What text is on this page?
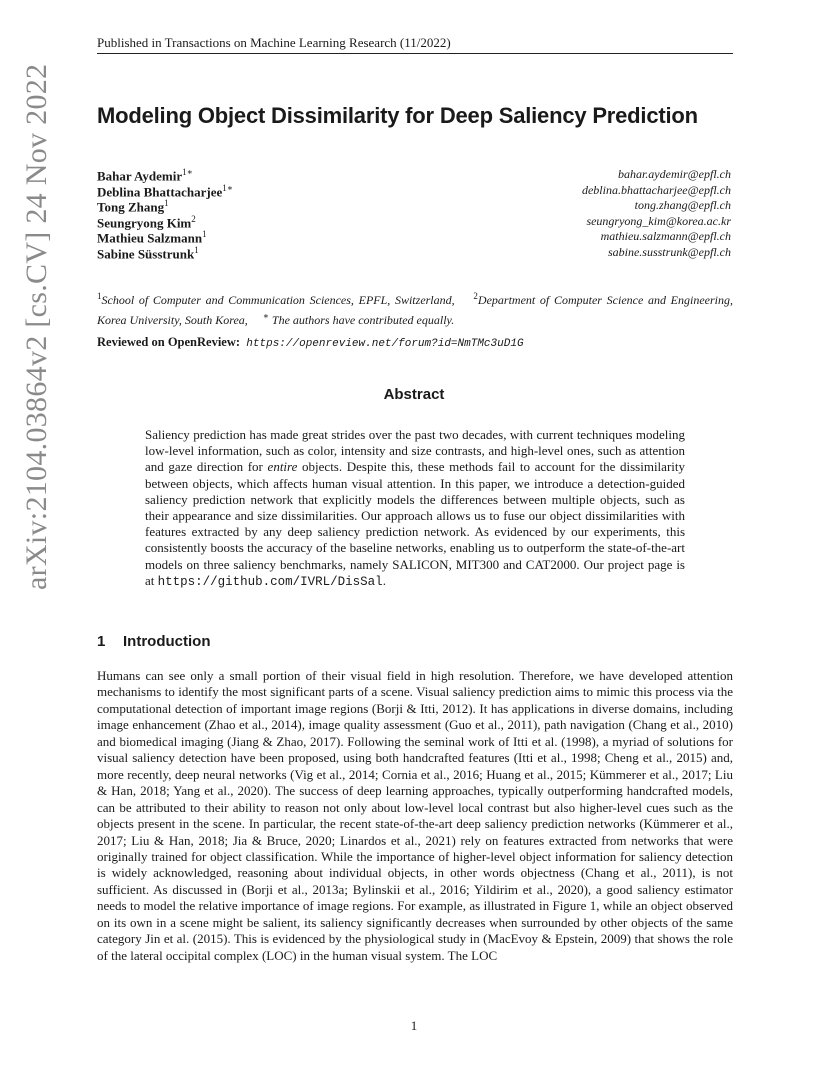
Published in Transactions on Machine Learning Research (11/2022)
Modeling Object Dissimilarity for Deep Saliency Prediction
Bahar Aydemir$^{1∗}$
Deblina Bhattacharjee$^{1∗}$
Tong Zhang$^1$
Seungryong Kim$^2$
Mathieu Salzmann$^1$
Sabine Süsstrunk$^1$
bahar.aydemir@epfl.ch
deblina.bhattacharjee@epfl.ch
tong.zhang@epfl.ch
seungryong_kim@korea.ac.kr
mathieu.salzmann@epfl.ch
sabine.susstrunk@epfl.ch
$^1$School of Computer and Communication Sciences, EPFL, Switzerland, $^2$Department of Computer Science and Engineering, Korea University, South Korea, ∗ The authors have contributed equally.
Reviewed on OpenReview: https://openreview.net/forum?id=NmTMc3uD1G
Abstract
Saliency prediction has made great strides over the past two decades, with current techniques modeling low-level information, such as color, intensity and size contrasts, and high-level ones, such as attention and gaze direction for entire objects. Despite this, these methods fail to account for the dissimilarity between objects, which affects human visual attention. In this paper, we introduce a detection-guided saliency prediction network that explicitly models the differences between multiple objects, such as their appearance and size dissimilarities. Our approach allows us to fuse our object dissimilarities with features extracted by any deep saliency prediction network. As evidenced by our experiments, this consistently boosts the accuracy of the baseline networks, enabling us to outperform the state-of-the-art models on three saliency benchmarks, namely SALICON, MIT300 and CAT2000. Our project page is at https://github.com/IVRL/DisSal.
1 Introduction
Humans can see only a small portion of their visual field in high resolution. Therefore, we have developed attention mechanisms to identify the most significant parts of a scene. Visual saliency prediction aims to mimic this process via the computational detection of important image regions (Borji & Itti, 2012). It has applications in diverse domains, including image enhancement (Zhao et al., 2014), image quality assessment (Guo et al., 2011), path navigation (Chang et al., 2010) and biomedical imaging (Jiang & Zhao, 2017). Following the seminal work of Itti et al. (1998), a myriad of solutions for visual saliency detection have been proposed, using both handcrafted features (Itti et al., 1998; Cheng et al., 2015) and, more recently, deep neural networks (Vig et al., 2014; Cornia et al., 2016; Huang et al., 2015; Kümmerer et al., 2017; Liu & Han, 2018; Yang et al., 2020). The success of deep learning approaches, typically outperforming handcrafted models, can be attributed to their ability to reason not only about low-level local contrast but also higher-level cues such as the objects present in the scene. In particular, the recent state-of-the-art deep saliency prediction networks (Kümmerer et al., 2017; Liu & Han, 2018; Jia & Bruce, 2020; Linardos et al., 2021) rely on features extracted from networks that were originally trained for object classification. While the importance of higher-level object information for saliency detection is widely acknowledged, reasoning about individual objects, in other words objectness (Chang et al., 2011), is not sufficient. As discussed in (Borji et al., 2013a; Bylinskii et al., 2016; Yildirim et al., 2020), a good saliency estimator needs to model the relative importance of image regions. For example, as illustrated in Figure 1, while an object observed on its own in a scene might be salient, its saliency significantly decreases when surrounded by other objects of the same category Jin et al. (2015). This is evidenced by the physiological study in (MacEvoy & Epstein, 2009) that shows the role of the lateral occipital complex (LOC) in the human visual system. The LOC
1
arXiv:2104.03864v2 [cs.CV] 24 Nov 2022
